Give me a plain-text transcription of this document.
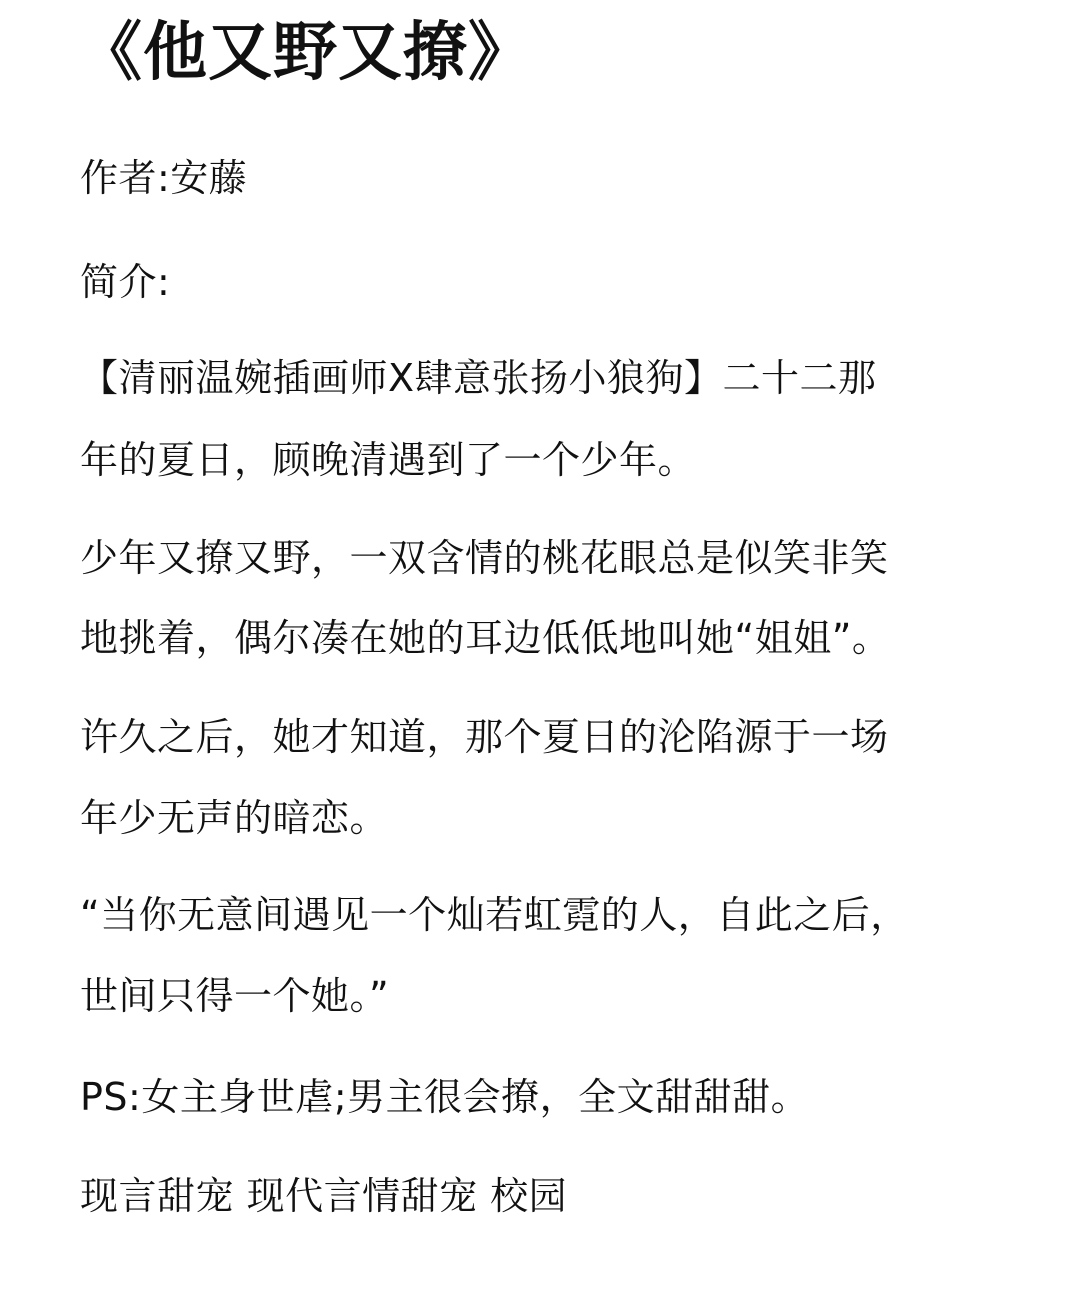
《他又野又撩》
作者:安藤
简介:
【清丽温婉插画师X肆意张扬小狼狗】二十二那
年的夏日，顾晚清遇到了一个少年。
少年又撩又野，一双含情的桃花眼总是似笑非笑
地挑着，偶尔凑在她的耳边低低地叫她“姐姐”。
许久之后，她才知道，那个夏日的沦陷源于一场
年少无声的暗恋。
“当你无意间遇见一个灿若虹霓的人，自此之后，
世间只得一个她。”
PS:女主身世虐;男主很会撩，全文甜甜甜。
现言甜宠 现代言情甜宠 校园
